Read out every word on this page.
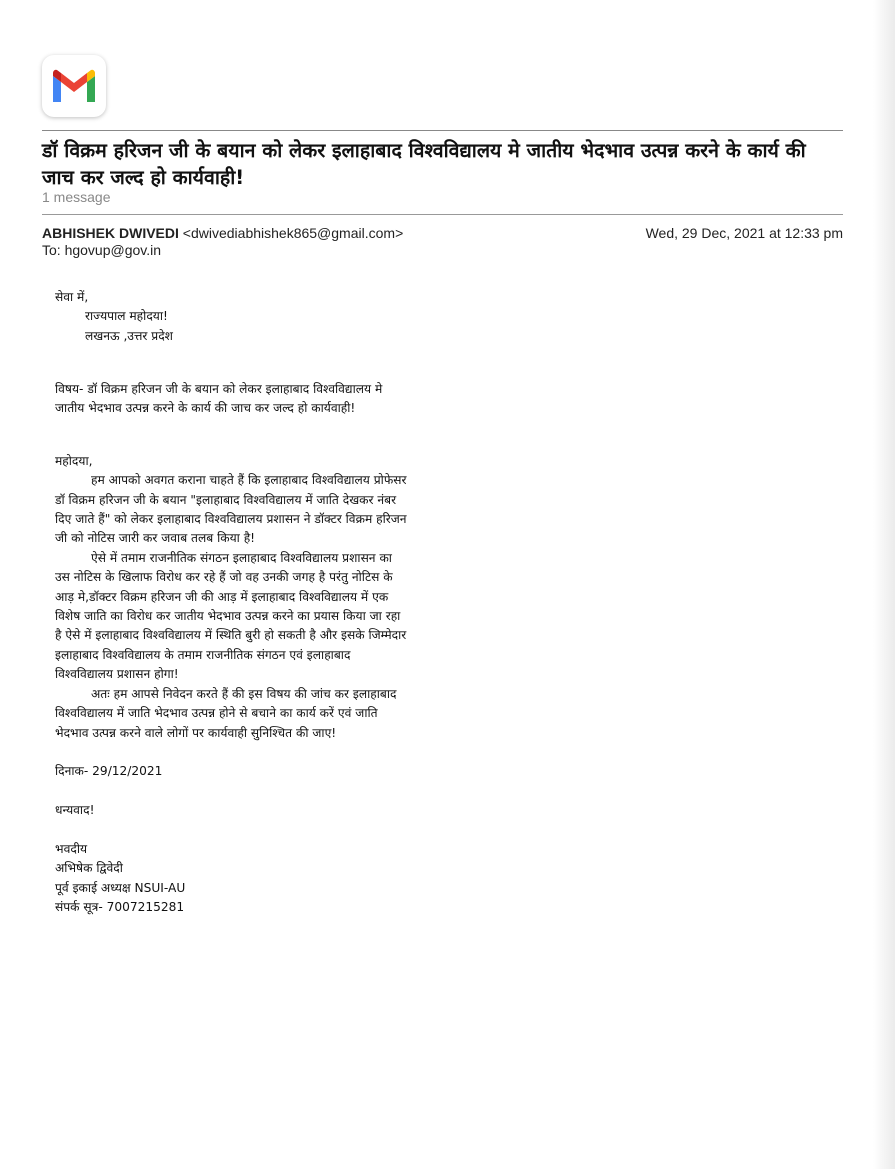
डॉ विक्रम हरिजन जी के बयान को लेकर इलाहाबाद विश्वविद्यालय मे जातीय भेदभाव उत्पन्न करने के कार्य की जाच कर जल्द हो कार्यवाही!
1 message
ABHISHEK DWIVEDI <dwivediabhishek865@gmail.com>	Wed, 29 Dec, 2021 at 12:33 pm
To: hgovup@gov.in
सेवा में,
राज्यपाल महोदया!
लखनऊ ,उत्तर प्रदेश
विषय- डॉ विक्रम हरिजन जी के बयान को लेकर इलाहाबाद विश्वविद्यालय मे
जातीय भेदभाव उत्पन्न करने के कार्य की जाच कर जल्द हो कार्यवाही!
महोदया,
हम आपको अवगत कराना चाहते हैं कि इलाहाबाद विश्वविद्यालय प्रोफेसर
डॉ विक्रम हरिजन जी के बयान "इलाहाबाद विश्वविद्यालय में जाति देखकर नंबर
दिए जाते हैं" को लेकर इलाहाबाद विश्वविद्यालय प्रशासन ने डॉक्टर विक्रम हरिजन
जी को नोटिस जारी कर जवाब तलब किया है!
ऐसे में तमाम राजनीतिक संगठन इलाहाबाद विश्वविद्यालय प्रशासन का
उस नोटिस के खिलाफ विरोध कर रहे हैं जो वह उनकी जगह है परंतु नोटिस के
आड़ मे,डॉक्टर विक्रम हरिजन जी की आड़ में इलाहाबाद विश्वविद्यालय में एक
विशेष जाति का विरोध कर जातीय भेदभाव उत्पन्न करने का प्रयास किया जा रहा
है ऐसे में इलाहाबाद विश्वविद्यालय में स्थिति बुरी हो सकती है और इसके जिम्मेदार
इलाहाबाद विश्वविद्यालय के तमाम राजनीतिक संगठन एवं इलाहाबाद
विश्वविद्यालय प्रशासन होगा!
अतः हम आपसे निवेदन करते हैं की इस विषय की जांच कर इलाहाबाद
विश्वविद्यालय में जाति भेदभाव उत्पन्न होने से बचाने का कार्य करें एवं जाति
भेदभाव उत्पन्न करने वाले लोगों पर कार्यवाही सुनिश्चित की जाए!
दिनाक- 29/12/2021
धन्यवाद!
भवदीय
अभिषेक द्विवेदी
पूर्व इकाई अध्यक्ष NSUI-AU
संपर्क सूत्र- 7007215281
